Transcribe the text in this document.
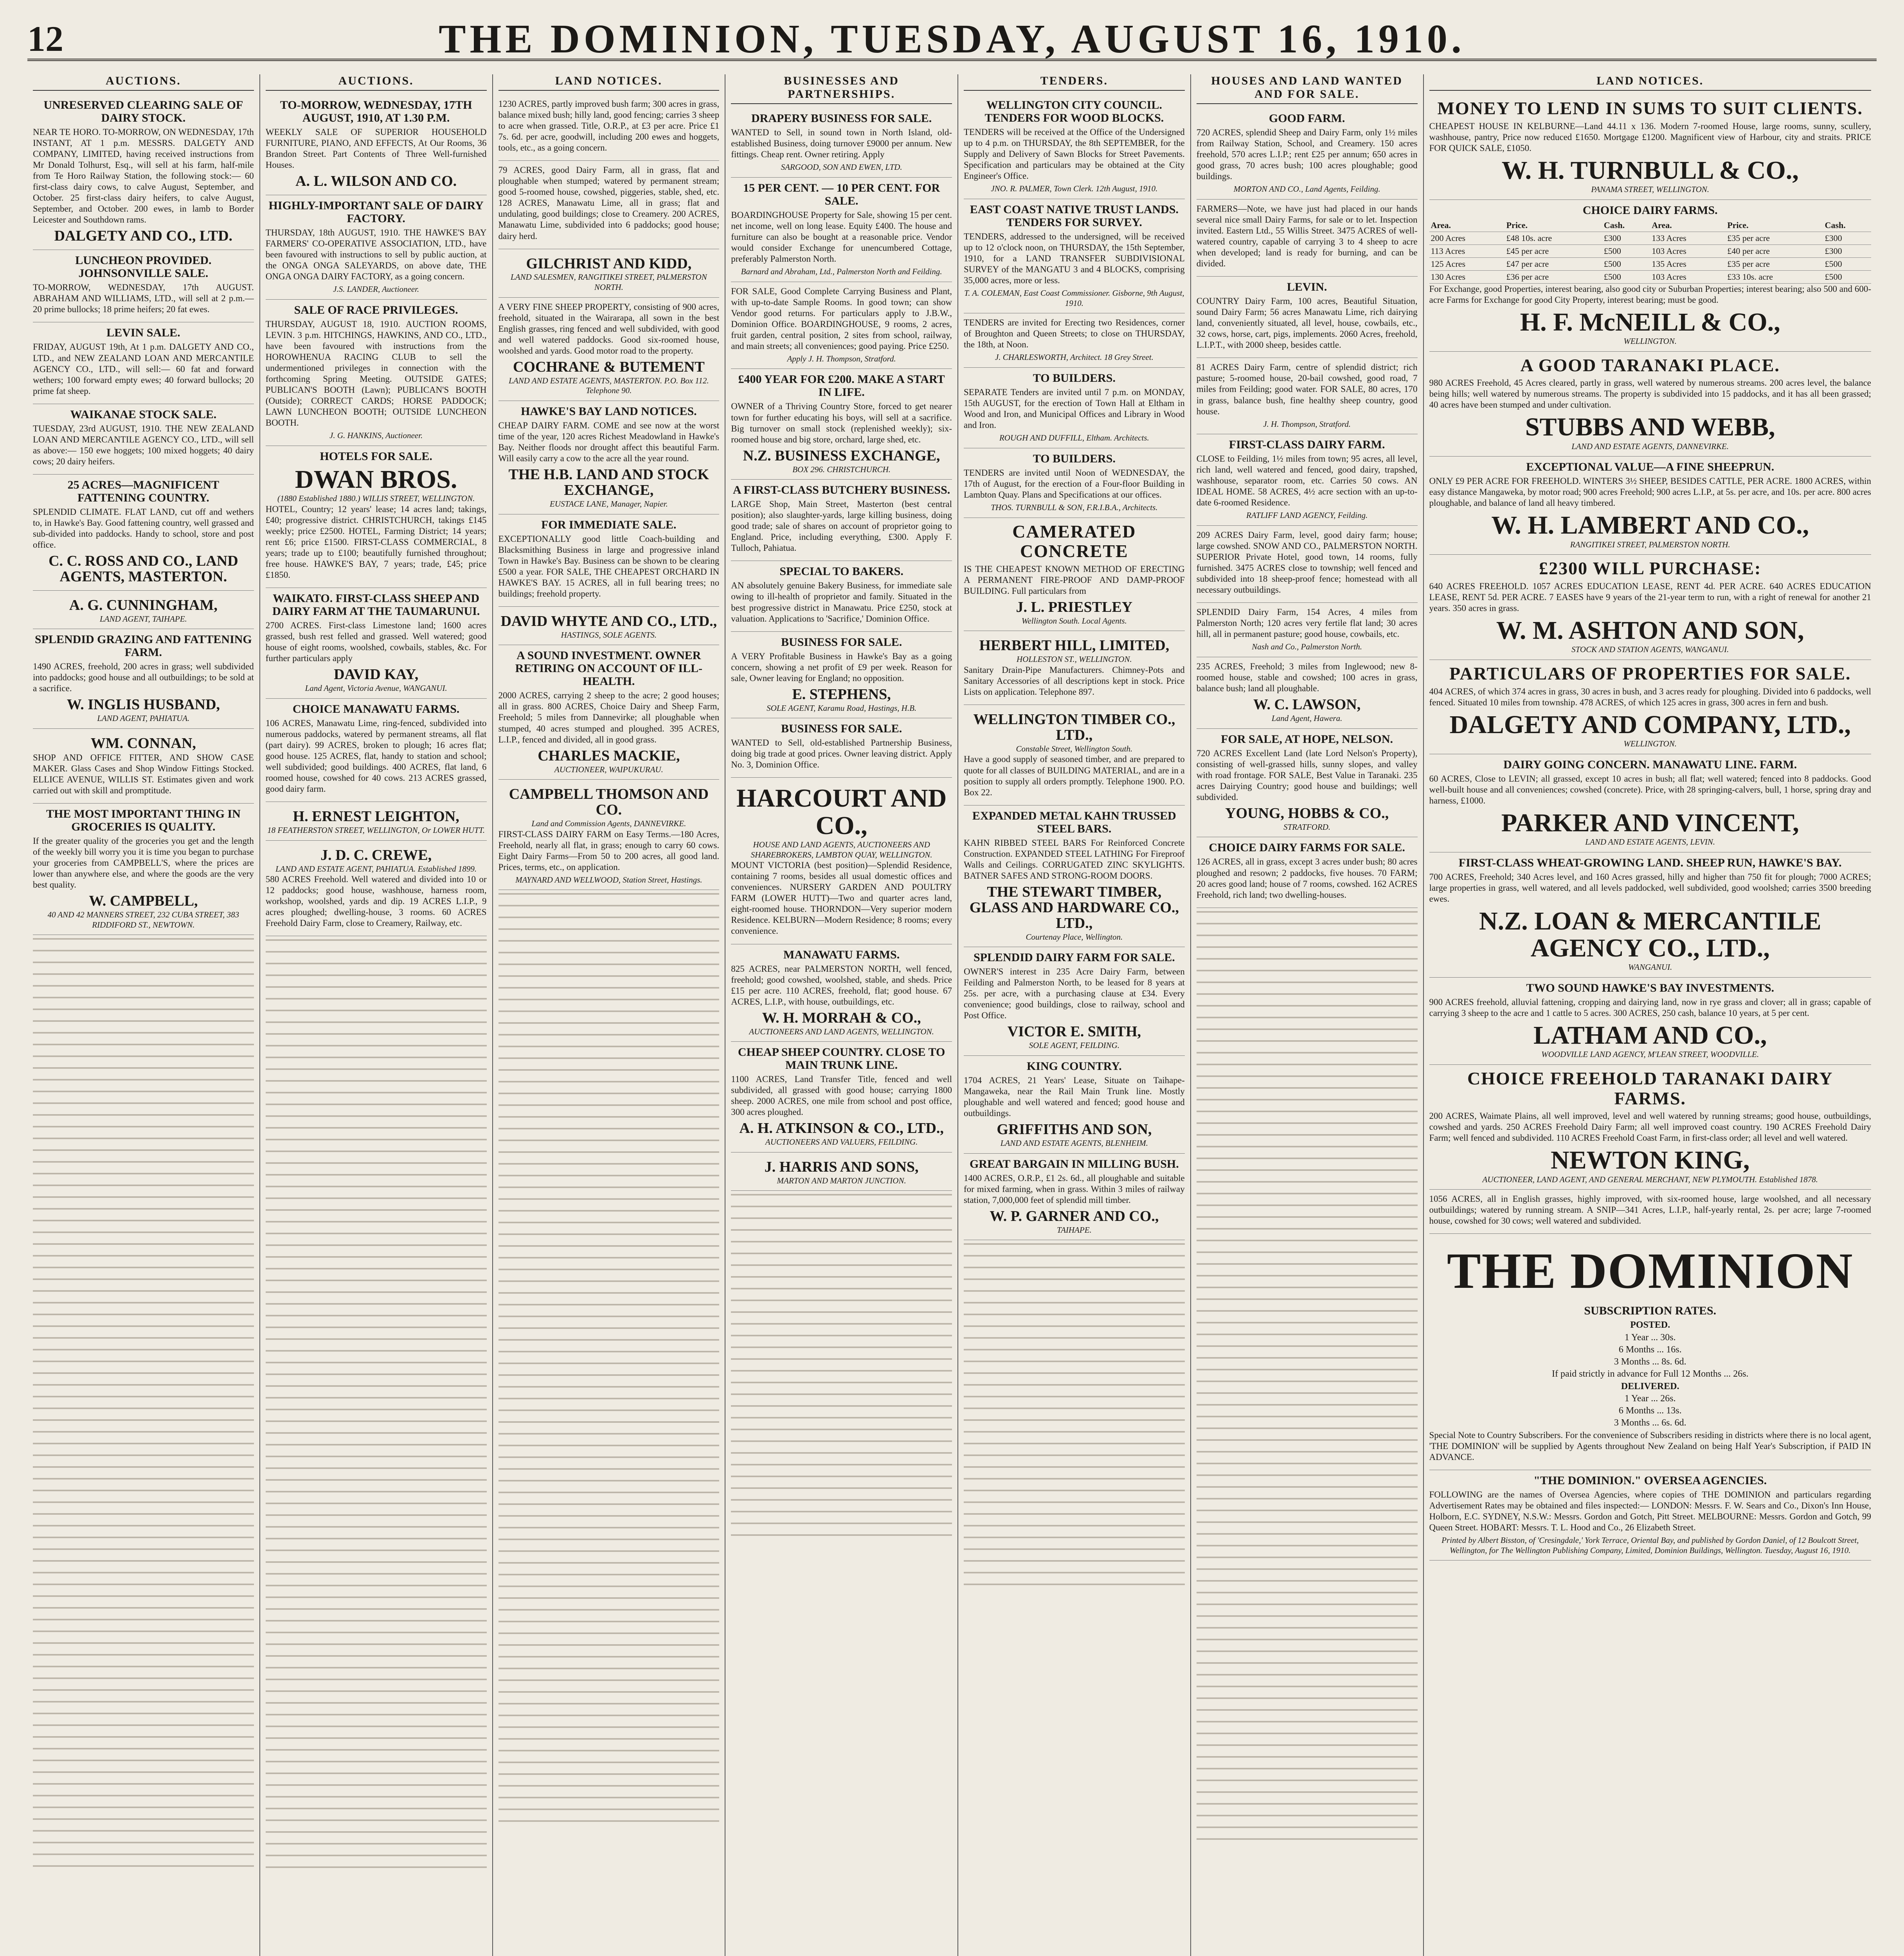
12	THE DOMINION, TUESDAY, AUGUST 16, 1910.
AUCTIONS.
UNRESERVED CLEARING SALE OF DAIRY STOCK.

NEAR TE HORO. TO-MORROW, ON WEDNESDAY, 17th INSTANT, AT 1 p.m. MESSRS. DALGETY AND COMPANY, LIMITED, having received instructions from Mr Donald Tolhurst, Esq., will sell at his farm, half-mile from Te Horo Railway Station, the following stock:— 60 first-class dairy cows, to calve August, September, and October. 25 first-class dairy heifers, to calve August, September, and October. 200 ewes, in lamb to Border Leicester and Southdown rams.

DALGETY AND CO., LTD.
LUNCHEON PROVIDED. JOHNSONVILLE SALE.

TO-MORROW, WEDNESDAY, 17th AUGUST. ABRAHAM AND WILLIAMS, LTD., will sell at 2 p.m.— 20 prime bullocks; 18 prime heifers; 20 fat ewes.

LEVIN SALE.

FRIDAY, AUGUST 19th, At 1 p.m. DALGETY AND CO., LTD., and NEW ZEALAND LOAN AND MERCANTILE AGENCY CO., LTD., will sell:— 60 fat and forward wethers; 100 forward empty ewes; 40 forward bullocks; 20 prime fat sheep.

WAIKANAE STOCK SALE.

TUESDAY, 23rd AUGUST, 1910. THE NEW ZEALAND LOAN AND MERCANTILE AGENCY CO., LTD., will sell as above:— 150 ewe hoggets; 100 mixed hoggets; 40 dairy cows; 20 dairy heifers.

25 ACRES—MAGNIFICENT FATTENING COUNTRY.

SPLENDID CLIMATE. FLAT LAND, cut off and wethers to, in Hawke's Bay. Good fattening country, well grassed and sub-divided into paddocks. Handy to school, store and post office.

C. C. ROSS AND CO., LAND AGENTS, MASTERTON.
A. G. CUNNINGHAM,

LAND AGENT, TAIHAPE.

SPLENDID GRAZING AND FATTENING FARM.

1490 ACRES, freehold, 200 acres in grass; well subdivided into paddocks; good house and all outbuildings; to be sold at a sacrifice.

W. INGLIS HUSBAND,

LAND AGENT, PAHIATUA.

WM. CONNAN,

SHOP AND OFFICE FITTER, AND SHOW CASE MAKER. Glass Cases and Shop Window Fittings Stocked. ELLICE AVENUE, WILLIS ST. Estimates given and work carried out with skill and promptitude.

THE MOST IMPORTANT THING IN GROCERIES IS QUALITY.

If the greater quality of the groceries you get and the length of the weekly bill worry you it is time you began to purchase your groceries from CAMPBELL'S, where the prices are lower than anywhere else, and where the goods are the very best quality.

W. CAMPBELL,

40 AND 42 MANNERS STREET, 232 CUBA STREET, 383 RIDDIFORD ST., NEWTOWN.

AUCTIONS.
TO-MORROW, WEDNESDAY, 17TH AUGUST, 1910, AT 1.30 P.M.

WEEKLY SALE OF SUPERIOR HOUSEHOLD FURNITURE, PIANO, AND EFFECTS, At Our Rooms, 36 Brandon Street. Part Contents of Three Well-furnished Houses.

A. L. WILSON AND CO.
HIGHLY-IMPORTANT SALE OF DAIRY FACTORY.

THURSDAY, 18th AUGUST, 1910. THE HAWKE'S BAY FARMERS' CO-OPERATIVE ASSOCIATION, LTD., have been favoured with instructions to sell by public auction, at the ONGA ONGA SALEYARDS, on above date, THE ONGA ONGA DAIRY FACTORY, as a going concern.

J.S. LANDER, Auctioneer.

SALE OF RACE PRIVILEGES.

THURSDAY, AUGUST 18, 1910. AUCTION ROOMS, LEVIN. 3 p.m. HITCHINGS, HAWKINS, AND CO., LTD., have been favoured with instructions from the HOROWHENUA RACING CLUB to sell the undermentioned privileges in connection with the forthcoming Spring Meeting. OUTSIDE GATES; PUBLICAN'S BOOTH (Lawn); PUBLICAN'S BOOTH (Outside); CORRECT CARDS; HORSE PADDOCK; LAWN LUNCHEON BOOTH; OUTSIDE LUNCHEON BOOTH.

J. G. HANKINS, Auctioneer.

HOTELS FOR SALE.
DWAN BROS.

(1880 Established 1880.) WILLIS STREET, WELLINGTON.

HOTEL, Country; 12 years' lease; 14 acres land; takings, £40; progressive district. CHRISTCHURCH, takings £145 weekly; price £2500. HOTEL, Farming District; 14 years; rent £6; price £1500. FIRST-CLASS COMMERCIAL, 8 years; trade up to £100; beautifully furnished throughout; free house. HAWKE'S BAY, 7 years; trade, £45; price £1850.

WAIKATO. FIRST-CLASS SHEEP AND DAIRY FARM AT THE TAUMARUNUI.

2700 ACRES. First-class Limestone land; 1600 acres grassed, bush rest felled and grassed. Well watered; good house of eight rooms, woolshed, cowbails, stables, &c. For further particulars apply

DAVID KAY,

Land Agent, Victoria Avenue, WANGANUI.

CHOICE MANAWATU FARMS.

106 ACRES, Manawatu Lime, ring-fenced, subdivided into numerous paddocks, watered by permanent streams, all flat (part dairy). 99 ACRES, broken to plough; 16 acres flat; good house. 125 ACRES, flat, handy to station and school; well subdivided; good buildings. 400 ACRES, flat land, 6 roomed house, cowshed for 40 cows. 213 ACRES grassed, good dairy farm.

H. ERNEST LEIGHTON,

18 FEATHERSTON STREET, WELLINGTON, Or LOWER HUTT.

J. D. C. CREWE,

LAND AND ESTATE AGENT, PAHIATUA. Established 1899.

580 ACRES Freehold. Well watered and divided into 10 or 12 paddocks; good house, washhouse, harness room, workshop, woolshed, yards and dip. 19 ACRES L.I.P., 9 acres ploughed; dwelling-house, 3 rooms. 60 ACRES Freehold Dairy Farm, close to Creamery, Railway, etc.

LAND NOTICES.

1230 ACRES, partly improved bush farm; 300 acres in grass, balance mixed bush; hilly land, good fencing; carries 3 sheep to acre when grassed. Title, O.R.P., at £3 per acre. Price £1 7s. 6d. per acre, goodwill, including 200 ewes and hoggets, tools, etc., as a going concern.

79 ACRES, good Dairy Farm, all in grass, flat and ploughable when stumped; watered by permanent stream; good 5-roomed house, cowshed, piggeries, stable, shed, etc. 128 ACRES, Manawatu Lime, all in grass; flat and undulating, good buildings; close to Creamery. 200 ACRES, Manawatu Lime, subdivided into 6 paddocks; good house; dairy herd.

GILCHRIST AND KIDD,

LAND SALESMEN, RANGITIKEI STREET, PALMERSTON NORTH.

A VERY FINE SHEEP PROPERTY, consisting of 900 acres, freehold, situated in the Wairarapa, all sown in the best English grasses, ring fenced and well subdivided, with good and well watered paddocks. Good six-roomed house, woolshed and yards. Good motor road to the property.

COCHRANE & BUTEMENT

LAND AND ESTATE AGENTS, MASTERTON. P.O. Box 112. Telephone 90.

HAWKE'S BAY LAND NOTICES.

CHEAP DAIRY FARM. COME and see now at the worst time of the year, 120 acres Richest Meadowland in Hawke's Bay. Neither floods nor drought affect this beautiful Farm. Will easily carry a cow to the acre all the year round.

THE H.B. LAND AND STOCK EXCHANGE,

EUSTACE LANE, Manager, Napier.

FOR IMMEDIATE SALE.

EXCEPTIONALLY good little Coach-building and Blacksmithing Business in large and progressive inland Town in Hawke's Bay. Business can be shown to be clearing £500 a year. FOR SALE, THE CHEAPEST ORCHARD IN HAWKE'S BAY. 15 ACRES, all in full bearing trees; no buildings; freehold property.

DAVID WHYTE AND CO., LTD.,

HASTINGS, SOLE AGENTS.

A SOUND INVESTMENT. OWNER RETIRING ON ACCOUNT OF ILL-HEALTH.

2000 ACRES, carrying 2 sheep to the acre; 2 good houses; all in grass. 800 ACRES, Choice Dairy and Sheep Farm, Freehold; 5 miles from Dannevirke; all ploughable when stumped, 40 acres stumped and ploughed. 395 ACRES, L.I.P., fenced and divided, all in good grass.

CHARLES MACKIE,

AUCTIONEER, WAIPUKURAU.

CAMPBELL THOMSON AND CO.

Land and Commission Agents, DANNEVIRKE.

FIRST-CLASS DAIRY FARM on Easy Terms.—180 Acres, Freehold, nearly all flat, in grass; enough to carry 60 cows. Eight Dairy Farms—From 50 to 200 acres, all good land. Prices, terms, etc., on application.

MAYNARD AND WELLWOOD, Station Street, Hastings.

BUSINESSES AND PARTNERSHIPS.
DRAPERY BUSINESS FOR SALE.

WANTED to Sell, in sound town in North Island, old-established Business, doing turnover £9000 per annum. New fittings. Cheap rent. Owner retiring. Apply

SARGOOD, SON AND EWEN, LTD.

15 PER CENT. — 10 PER CENT. FOR SALE.

BOARDINGHOUSE Property for Sale, showing 15 per cent. net income, well on long lease. Equity £400. The house and furniture can also be bought at a reasonable price. Vendor would consider Exchange for unencumbered Cottage, preferably Palmerston North.

Barnard and Abraham, Ltd., Palmerston North and Feilding.

FOR SALE, Good Complete Carrying Business and Plant, with up-to-date Sample Rooms. In good town; can show Vendor good returns. For particulars apply to J.B.W., Dominion Office. BOARDINGHOUSE, 9 rooms, 2 acres, fruit garden, central position, 2 sites from school, railway, and main streets; all conveniences; good paying. Price £250.

Apply J. H. Thompson, Stratford.

£400 YEAR FOR £200. MAKE A START IN LIFE.

OWNER of a Thriving Country Store, forced to get nearer town for further educating his boys, will sell at a sacrifice. Big turnover on small stock (replenished weekly); six-roomed house and big store, orchard, large shed, etc.

N.Z. BUSINESS EXCHANGE,

BOX 296. CHRISTCHURCH.

A FIRST-CLASS BUTCHERY BUSINESS.

LARGE Shop, Main Street, Masterton (best central position); also slaughter-yards, large killing business, doing good trade; sale of shares on account of proprietor going to England. Price, including everything, £300. Apply F. Tulloch, Pahiatua.

SPECIAL TO BAKERS.

AN absolutely genuine Bakery Business, for immediate sale owing to ill-health of proprietor and family. Situated in the best progressive district in Manawatu. Price £250, stock at valuation. Applications to 'Sacrifice,' Dominion Office.

BUSINESS FOR SALE.

A VERY Profitable Business in Hawke's Bay as a going concern, showing a net profit of £9 per week. Reason for sale, Owner leaving for England; no opposition.

E. STEPHENS,

SOLE AGENT, Karamu Road, Hastings, H.B.

BUSINESS FOR SALE.

WANTED to Sell, old-established Partnership Business, doing big trade at good prices. Owner leaving district. Apply No. 3, Dominion Office.

HARCOURT AND CO.,

HOUSE AND LAND AGENTS, AUCTIONEERS AND SHAREBROKERS, LAMBTON QUAY, WELLINGTON.

MOUNT VICTORIA (best position)—Splendid Residence, containing 7 rooms, besides all usual domestic offices and conveniences. NURSERY GARDEN AND POULTRY FARM (LOWER HUTT)—Two and quarter acres land, eight-roomed house. THORNDON—Very superior modern Residence. KELBURN—Modern Residence; 8 rooms; every convenience.

MANAWATU FARMS.

825 ACRES, near PALMERSTON NORTH, well fenced, freehold; good cowshed, woolshed, stable, and sheds. Price £15 per acre. 110 ACRES, freehold, flat; good house. 67 ACRES, L.I.P., with house, outbuildings, etc.

W. H. MORRAH & CO.,

AUCTIONEERS AND LAND AGENTS, WELLINGTON.

CHEAP SHEEP COUNTRY. CLOSE TO MAIN TRUNK LINE.

1100 ACRES, Land Transfer Title, fenced and well subdivided, all grassed with good house; carrying 1800 sheep. 2000 ACRES, one mile from school and post office, 300 acres ploughed.

A. H. ATKINSON & CO., LTD.,

AUCTIONEERS AND VALUERS, FEILDING.

J. HARRIS AND SONS,

MARTON AND MARTON JUNCTION.

TENDERS.
WELLINGTON CITY COUNCIL. TENDERS FOR WOOD BLOCKS.

TENDERS will be received at the Office of the Undersigned up to 4 p.m. on THURSDAY, the 8th SEPTEMBER, for the Supply and Delivery of Sawn Blocks for Street Pavements. Specification and particulars may be obtained at the City Engineer's Office.

JNO. R. PALMER, Town Clerk. 12th August, 1910.

EAST COAST NATIVE TRUST LANDS. TENDERS FOR SURVEY.

TENDERS, addressed to the undersigned, will be received up to 12 o'clock noon, on THURSDAY, the 15th September, 1910, for a LAND TRANSFER SUBDIVISIONAL SURVEY of the MANGATU 3 and 4 BLOCKS, comprising 35,000 acres, more or less.

T. A. COLEMAN, East Coast Commissioner. Gisborne, 9th August, 1910.

TENDERS are invited for Erecting two Residences, corner of Broughton and Queen Streets; to close on THURSDAY, the 18th, at Noon.

J. CHARLESWORTH, Architect. 18 Grey Street.

TO BUILDERS.

SEPARATE Tenders are invited until 7 p.m. on MONDAY, 15th AUGUST, for the erection of Town Hall at Eltham in Wood and Iron, and Municipal Offices and Library in Wood and Iron.

ROUGH AND DUFFILL, Eltham. Architects.

TO BUILDERS.

TENDERS are invited until Noon of WEDNESDAY, the 17th of August, for the erection of a Four-floor Building in Lambton Quay. Plans and Specifications at our offices.

THOS. TURNBULL & SON, F.R.I.B.A., Architects.

CAMERATED CONCRETE

IS THE CHEAPEST KNOWN METHOD OF ERECTING A PERMANENT FIRE-PROOF AND DAMP-PROOF BUILDING. Full particulars from

J. L. PRIESTLEY

Wellington South. Local Agents.

HERBERT HILL, LIMITED,

HOLLESTON ST., WELLINGTON.

Sanitary Drain-Pipe Manufacturers. Chimney-Pots and Sanitary Accessories of all descriptions kept in stock. Price Lists on application. Telephone 897.

WELLINGTON TIMBER CO., LTD.,

Constable Street, Wellington South.

Have a good supply of seasoned timber, and are prepared to quote for all classes of BUILDING MATERIAL, and are in a position to supply all orders promptly. Telephone 1900. P.O. Box 22.

EXPANDED METAL KAHN TRUSSED STEEL BARS.

KAHN RIBBED STEEL BARS For Reinforced Concrete Construction. EXPANDED STEEL LATHING For Fireproof Walls and Ceilings. CORRUGATED ZINC SKYLIGHTS. BATNER SAFES AND STRONG-ROOM DOORS.

THE STEWART TIMBER, GLASS AND HARDWARE CO., LTD.,

Courtenay Place, Wellington.

SPLENDID DAIRY FARM FOR SALE.

OWNER'S interest in 235 Acre Dairy Farm, between Feilding and Palmerston North, to be leased for 8 years at 25s. per acre, with a purchasing clause at £34. Every convenience; good buildings, close to railway, school and Post Office.

VICTOR E. SMITH,

SOLE AGENT, FEILDING.

KING COUNTRY.

1704 ACRES, 21 Years' Lease, Situate on Taihape-Mangaweka, near the Rail Main Trunk line. Mostly ploughable and well watered and fenced; good house and outbuildings.

GRIFFITHS AND SON,

LAND AND ESTATE AGENTS, BLENHEIM.

GREAT BARGAIN IN MILLING BUSH.

1400 ACRES, O.R.P., £1 2s. 6d., all ploughable and suitable for mixed farming, when in grass. Within 3 miles of railway station, 7,000,000 feet of splendid mill timber.

W. P. GARNER AND CO.,

TAIHAPE.

HOUSES AND LAND WANTED AND FOR SALE.
GOOD FARM.

720 ACRES, splendid Sheep and Dairy Farm, only 1½ miles from Railway Station, School, and Creamery. 150 acres freehold, 570 acres L.I.P.; rent £25 per annum; 650 acres in good grass, 70 acres bush; 100 acres ploughable; good buildings.

MORTON AND CO., Land Agents, Feilding.

FARMERS—Note, we have just had placed in our hands several nice small Dairy Farms, for sale or to let. Inspection invited. Eastern Ltd., 55 Willis Street. 3475 ACRES of well-watered country, capable of carrying 3 to 4 sheep to acre when developed; land is ready for burning, and can be divided.

LEVIN.

COUNTRY Dairy Farm, 100 acres, Beautiful Situation, sound Dairy Farm; 56 acres Manawatu Lime, rich dairying land, conveniently situated, all level, house, cowbails, etc., 32 cows, horse, cart, pigs, implements. 2060 Acres, freehold, L.I.P.T., with 2000 sheep, besides cattle.

81 ACRES Dairy Farm, centre of splendid district; rich pasture; 5-roomed house, 20-bail cowshed, good road, 7 miles from Feilding; good water. FOR SALE, 80 acres, 170 in grass, balance bush, fine healthy sheep country, good house.

J. H. Thompson, Stratford.

FIRST-CLASS DAIRY FARM.

CLOSE to Feilding, 1½ miles from town; 95 acres, all level, rich land, well watered and fenced, good dairy, trapshed, washhouse, separator room, etc. Carries 50 cows. AN IDEAL HOME. 58 ACRES, 4½ acre section with an up-to-date 6-roomed Residence.

RATLIFF LAND AGENCY, Feilding.

209 ACRES Dairy Farm, level, good dairy farm; house; large cowshed. SNOW AND CO., PALMERSTON NORTH. SUPERIOR Private Hotel, good town, 14 rooms, fully furnished. 3475 ACRES close to township; well fenced and subdivided into 18 sheep-proof fence; homestead with all necessary outbuildings.

SPLENDID Dairy Farm, 154 Acres, 4 miles from Palmerston North; 120 acres very fertile flat land; 30 acres hill, all in permanent pasture; good house, cowbails, etc.

Nash and Co., Palmerston North.

235 ACRES, Freehold; 3 miles from Inglewood; new 8-roomed house, stable and cowshed; 100 acres in grass, balance bush; land all ploughable.

W. C. LAWSON,

Land Agent, Hawera.

FOR SALE, AT HOPE, NELSON.

720 ACRES Excellent Land (late Lord Nelson's Property), consisting of well-grassed hills, sunny slopes, and valley with road frontage. FOR SALE, Best Value in Taranaki. 235 acres Dairying Country; good house and buildings; well subdivided.

YOUNG, HOBBS & CO.,

STRATFORD.

CHOICE DAIRY FARMS FOR SALE.

126 ACRES, all in grass, except 3 acres under bush; 80 acres ploughed and resown; 2 paddocks, five houses. 70 FARM; 20 acres good land; house of 7 rooms, cowshed. 162 ACRES Freehold, rich land; two dwelling-houses.

LAND NOTICES.
MONEY TO LEND IN SUMS TO SUIT CLIENTS.

CHEAPEST HOUSE IN KELBURNE—Land 44.11 x 136. Modern 7-roomed House, large rooms, sunny, scullery, washhouse, pantry, Price now reduced £1650. Mortgage £1200. Magnificent view of Harbour, city and straits. PRICE FOR QUICK SALE, £1050.

W. H. TURNBULL & CO.,

PANAMA STREET, WELLINGTON.

CHOICE DAIRY FARMS.
Area.	Price.	Cash.	Area.	Price.	Cash.
200 Acres	£48 10s. acre	£300	133 Acres	£35 per acre	£300
113 Acres	£45 per acre	£500	103 Acres	£40 per acre	£300
125 Acres	£47 per acre	£500	135 Acres	£35 per acre	£500
130 Acres	£36 per acre	£500	103 Acres	£33 10s. acre	£500

For Exchange, good Properties, interest bearing, also good city or Suburban Properties; interest bearing; also 500 and 600-acre Farms for Exchange for good City Property, interest bearing; must be good.

H. F. McNEILL & CO.,

WELLINGTON.

A GOOD TARANAKI PLACE.

980 ACRES Freehold, 45 Acres cleared, partly in grass, well watered by numerous streams. 200 acres level, the balance being hills; well watered by numerous streams. The property is subdivided into 15 paddocks, and it has all been grassed; 40 acres have been stumped and under cultivation.

STUBBS AND WEBB,

LAND AND ESTATE AGENTS, DANNEVIRKE.

EXCEPTIONAL VALUE—A FINE SHEEPRUN.

ONLY £9 PER ACRE FOR FREEHOLD. WINTERS 3½ SHEEP, BESIDES CATTLE, PER ACRE. 1800 ACRES, within easy distance Mangaweka, by motor road; 900 acres Freehold; 900 acres L.I.P., at 5s. per acre, and 10s. per acre. 800 acres ploughable, and balance of land all heavy timbered.

W. H. LAMBERT AND CO.,

RANGITIKEI STREET, PALMERSTON NORTH.

£2300 WILL PURCHASE:

640 ACRES FREEHOLD. 1057 ACRES EDUCATION LEASE, RENT 4d. PER ACRE. 640 ACRES EDUCATION LEASE, RENT 5d. PER ACRE. 7 EASES have 9 years of the 21-year term to run, with a right of renewal for another 21 years. 350 acres in grass.

W. M. ASHTON AND SON,

STOCK AND STATION AGENTS, WANGANUI.

PARTICULARS OF PROPERTIES FOR SALE.

404 ACRES, of which 374 acres in grass, 30 acres in bush, and 3 acres ready for ploughing. Divided into 6 paddocks, well fenced. Situated 10 miles from township. 478 ACRES, of which 125 acres in grass, 300 acres in fern and bush.

DALGETY AND COMPANY, LTD.,

WELLINGTON.

DAIRY GOING CONCERN. MANAWATU LINE. FARM.

60 ACRES, Close to LEVIN; all grassed, except 10 acres in bush; all flat; well watered; fenced into 8 paddocks. Good well-built house and all conveniences; cowshed (concrete). Price, with 28 springing-calvers, bull, 1 horse, spring dray and harness, £1000.

PARKER AND VINCENT,

LAND AND ESTATE AGENTS, LEVIN.

FIRST-CLASS WHEAT-GROWING LAND. SHEEP RUN, HAWKE'S BAY.

700 ACRES, Freehold; 340 Acres level, and 160 Acres grassed, hilly and higher than 750 fit for plough; 7000 ACRES; large properties in grass, well watered, and all levels paddocked, well subdivided, good woolshed; carries 3500 breeding ewes.

N.Z. LOAN & MERCANTILE AGENCY CO., LTD.,

WANGANUI.

TWO SOUND HAWKE'S BAY INVESTMENTS.

900 ACRES freehold, alluvial fattening, cropping and dairying land, now in rye grass and clover; all in grass; capable of carrying 3 sheep to the acre and 1 cattle to 5 acres. 300 ACRES, 250 cash, balance 10 years, at 5 per cent.

LATHAM AND CO.,

WOODVILLE LAND AGENCY, M'LEAN STREET, WOODVILLE.

CHOICE FREEHOLD TARANAKI DAIRY FARMS.

200 ACRES, Waimate Plains, all well improved, level and well watered by running streams; good house, outbuildings, cowshed and yards. 250 ACRES Freehold Dairy Farm; all well improved coast country. 190 ACRES Freehold Dairy Farm; well fenced and subdivided. 110 ACRES Freehold Coast Farm, in first-class order; all level and well watered.

NEWTON KING,

AUCTIONEER, LAND AGENT, AND GENERAL MERCHANT, NEW PLYMOUTH. Established 1878.

1056 ACRES, all in English grasses, highly improved, with six-roomed house, large woolshed, and all necessary outbuildings; watered by running stream. A SNIP—341 Acres, L.I.P., half-yearly rental, 2s. per acre; large 7-roomed house, cowshed for 30 cows; well watered and subdivided.

THE DOMINION
SUBSCRIPTION RATES.

POSTED.

1 Year ... 30s.

6 Months ... 16s.

3 Months ... 8s. 6d.

If paid strictly in advance for Full 12 Months ... 26s.

DELIVERED.

1 Year ... 26s.

6 Months ... 13s.

3 Months ... 6s. 6d.

Special Note to Country Subscribers. For the convenience of Subscribers residing in districts where there is no local agent, 'THE DOMINION' will be supplied by Agents throughout New Zealand on being Half Year's Subscription, if PAID IN ADVANCE.

"THE DOMINION." OVERSEA AGENCIES.

FOLLOWING are the names of Oversea Agencies, where copies of THE DOMINION and particulars regarding Advertisement Rates may be obtained and files inspected:— LONDON: Messrs. F. W. Sears and Co., Dixon's Inn House, Holborn, E.C. SYDNEY, N.S.W.: Messrs. Gordon and Gotch, Pitt Street. MELBOURNE: Messrs. Gordon and Gotch, 99 Queen Street. HOBART: Messrs. T. L. Hood and Co., 26 Elizabeth Street.

Printed by Albert Bisston, of 'Cresingdale,' York Terrace, Oriental Bay, and published by Gordon Daniel, of 12 Boulcott Street, Wellington, for The Wellington Publishing Company, Limited, Dominion Buildings, Wellington. Tuesday, August 16, 1910.
